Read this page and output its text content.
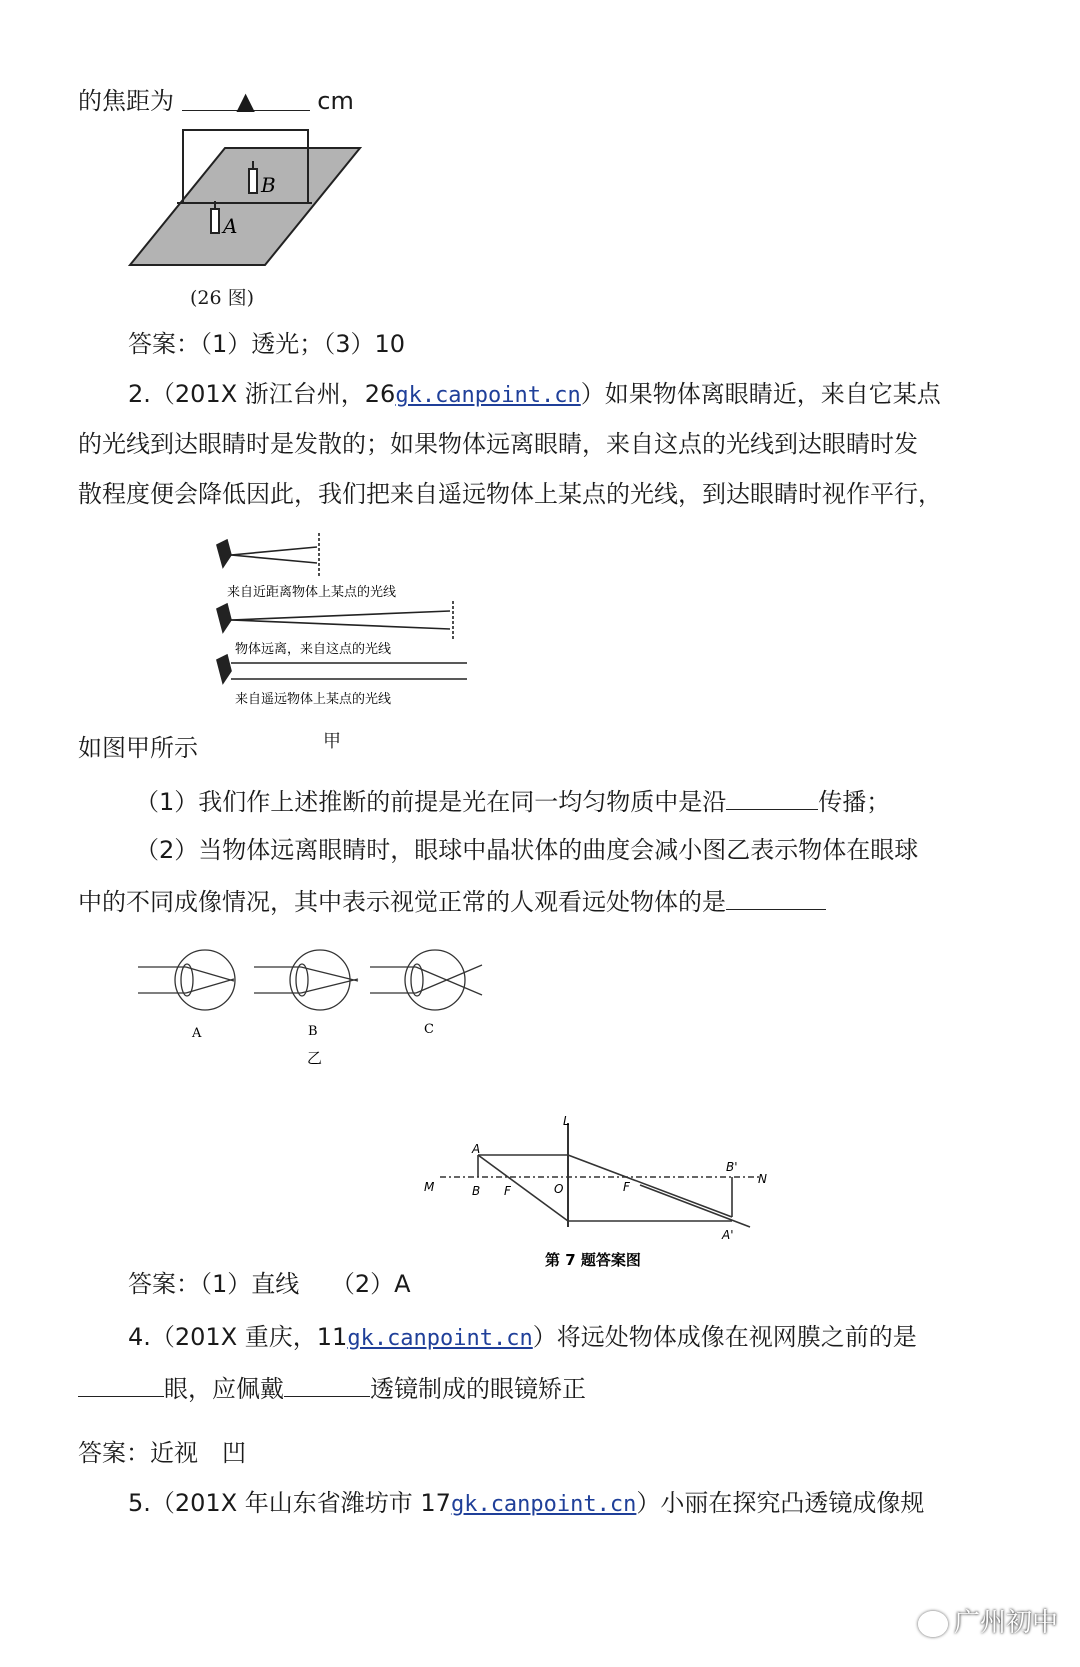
的焦距为	▲	cm
B
A
(26 图)
答案：（1）透光；（3）10
2.（201X 浙江台州，26gk.canpoint.cn）如果物体离眼睛近，来自它某点
的光线到达眼睛时是发散的；如果物体远离眼睛，来自这点的光线到达眼睛时发
散程度便会降低因此，我们把来自遥远物体上某点的光线，到达眼睛时视作平行，
来自近距离物体上某点的光线
物体远离，来自这点的光线
来自遥远物体上某点的光线
如图甲所示	甲
（1）我们作上述推断的前提是光在同一均匀物质中是沿	传播；
（2）当物体远离眼睛时，眼球中晶状体的曲度会减小图乙表示物体在眼球
中的不同成像情况，其中表示视觉正常的人观看远处物体的是
A	B	C
乙
A
B F	O	F
L
M
N
B'
A'
第 7 题答案图
答案：（1）直线　 （2）A
4.（201X 重庆，11gk.canpoint.cn）将远处物体成像在视网膜之前的是
眼，应佩戴	透镜制成的眼镜矫正
答案：近视　凹
5.（201X 年山东省潍坊市 17gk.canpoint.cn）小丽在探究凸透镜成像规
广州初中
